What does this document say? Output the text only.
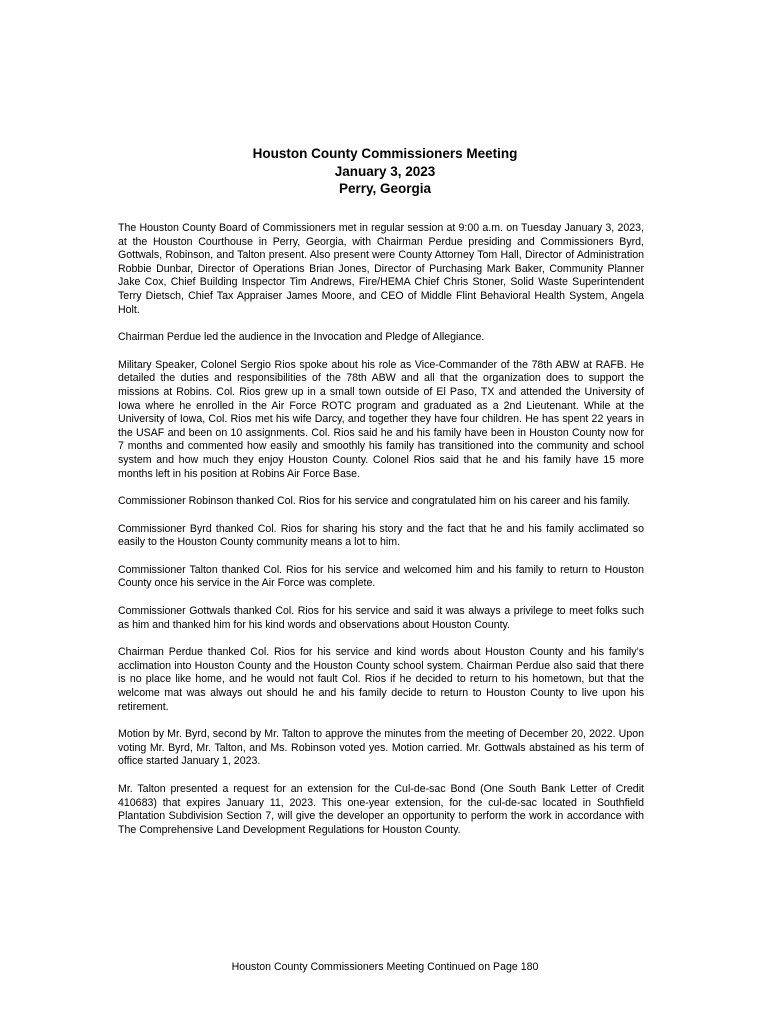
Houston County Commissioners Meeting
January 3, 2023
Perry, Georgia

The Houston County Board of Commissioners met in regular session at 9:00 a.m. on Tuesday January 3, 2023, at the Houston Courthouse in Perry, Georgia, with Chairman Perdue presiding and Commissioners Byrd, Gottwals, Robinson, and Talton present. Also present were County Attorney Tom Hall, Director of Administration Robbie Dunbar, Director of Operations Brian Jones, Director of Purchasing Mark Baker, Community Planner Jake Cox, Chief Building Inspector Tim Andrews, Fire/HEMA Chief Chris Stoner, Solid Waste Superintendent Terry Dietsch, Chief Tax Appraiser James Moore, and CEO of Middle Flint Behavioral Health System, Angela Holt.

Chairman Perdue led the audience in the Invocation and Pledge of Allegiance.

Military Speaker, Colonel Sergio Rios spoke about his role as Vice-Commander of the 78th ABW at RAFB. He detailed the duties and responsibilities of the 78th ABW and all that the organization does to support the missions at Robins. Col. Rios grew up in a small town outside of El Paso, TX and attended the University of Iowa where he enrolled in the Air Force ROTC program and graduated as a 2nd Lieutenant. While at the University of Iowa, Col. Rios met his wife Darcy, and together they have four children. He has spent 22 years in the USAF and been on 10 assignments. Col. Rios said he and his family have been in Houston County now for 7 months and commented how easily and smoothly his family has transitioned into the community and school system and how much they enjoy Houston County. Colonel Rios said that he and his family have 15 more months left in his position at Robins Air Force Base.

Commissioner Robinson thanked Col. Rios for his service and congratulated him on his career and his family.

Commissioner Byrd thanked Col. Rios for sharing his story and the fact that he and his family acclimated so easily to the Houston County community means a lot to him.

Commissioner Talton thanked Col. Rios for his service and welcomed him and his family to return to Houston County once his service in the Air Force was complete.

Commissioner Gottwals thanked Col. Rios for his service and said it was always a privilege to meet folks such as him and thanked him for his kind words and observations about Houston County.

Chairman Perdue thanked Col. Rios for his service and kind words about Houston County and his family’s acclimation into Houston County and the Houston County school system. Chairman Perdue also said that there is no place like home, and he would not fault Col. Rios if he decided to return to his hometown, but that the welcome mat was always out should he and his family decide to return to Houston County to live upon his retirement.

Motion by Mr. Byrd, second by Mr. Talton to approve the minutes from the meeting of December 20, 2022. Upon voting Mr. Byrd, Mr. Talton, and Ms. Robinson voted yes. Motion carried. Mr. Gottwals abstained as his term of office started January 1, 2023.

Mr. Talton presented a request for an extension for the Cul-de-sac Bond (One South Bank Letter of Credit 410683) that expires January 11, 2023. This one-year extension, for the cul-de-sac located in Southfield Plantation Subdivision Section 7, will give the developer an opportunity to perform the work in accordance with The Comprehensive Land Development Regulations for Houston County.

Houston County Commissioners Meeting Continued on Page 180
